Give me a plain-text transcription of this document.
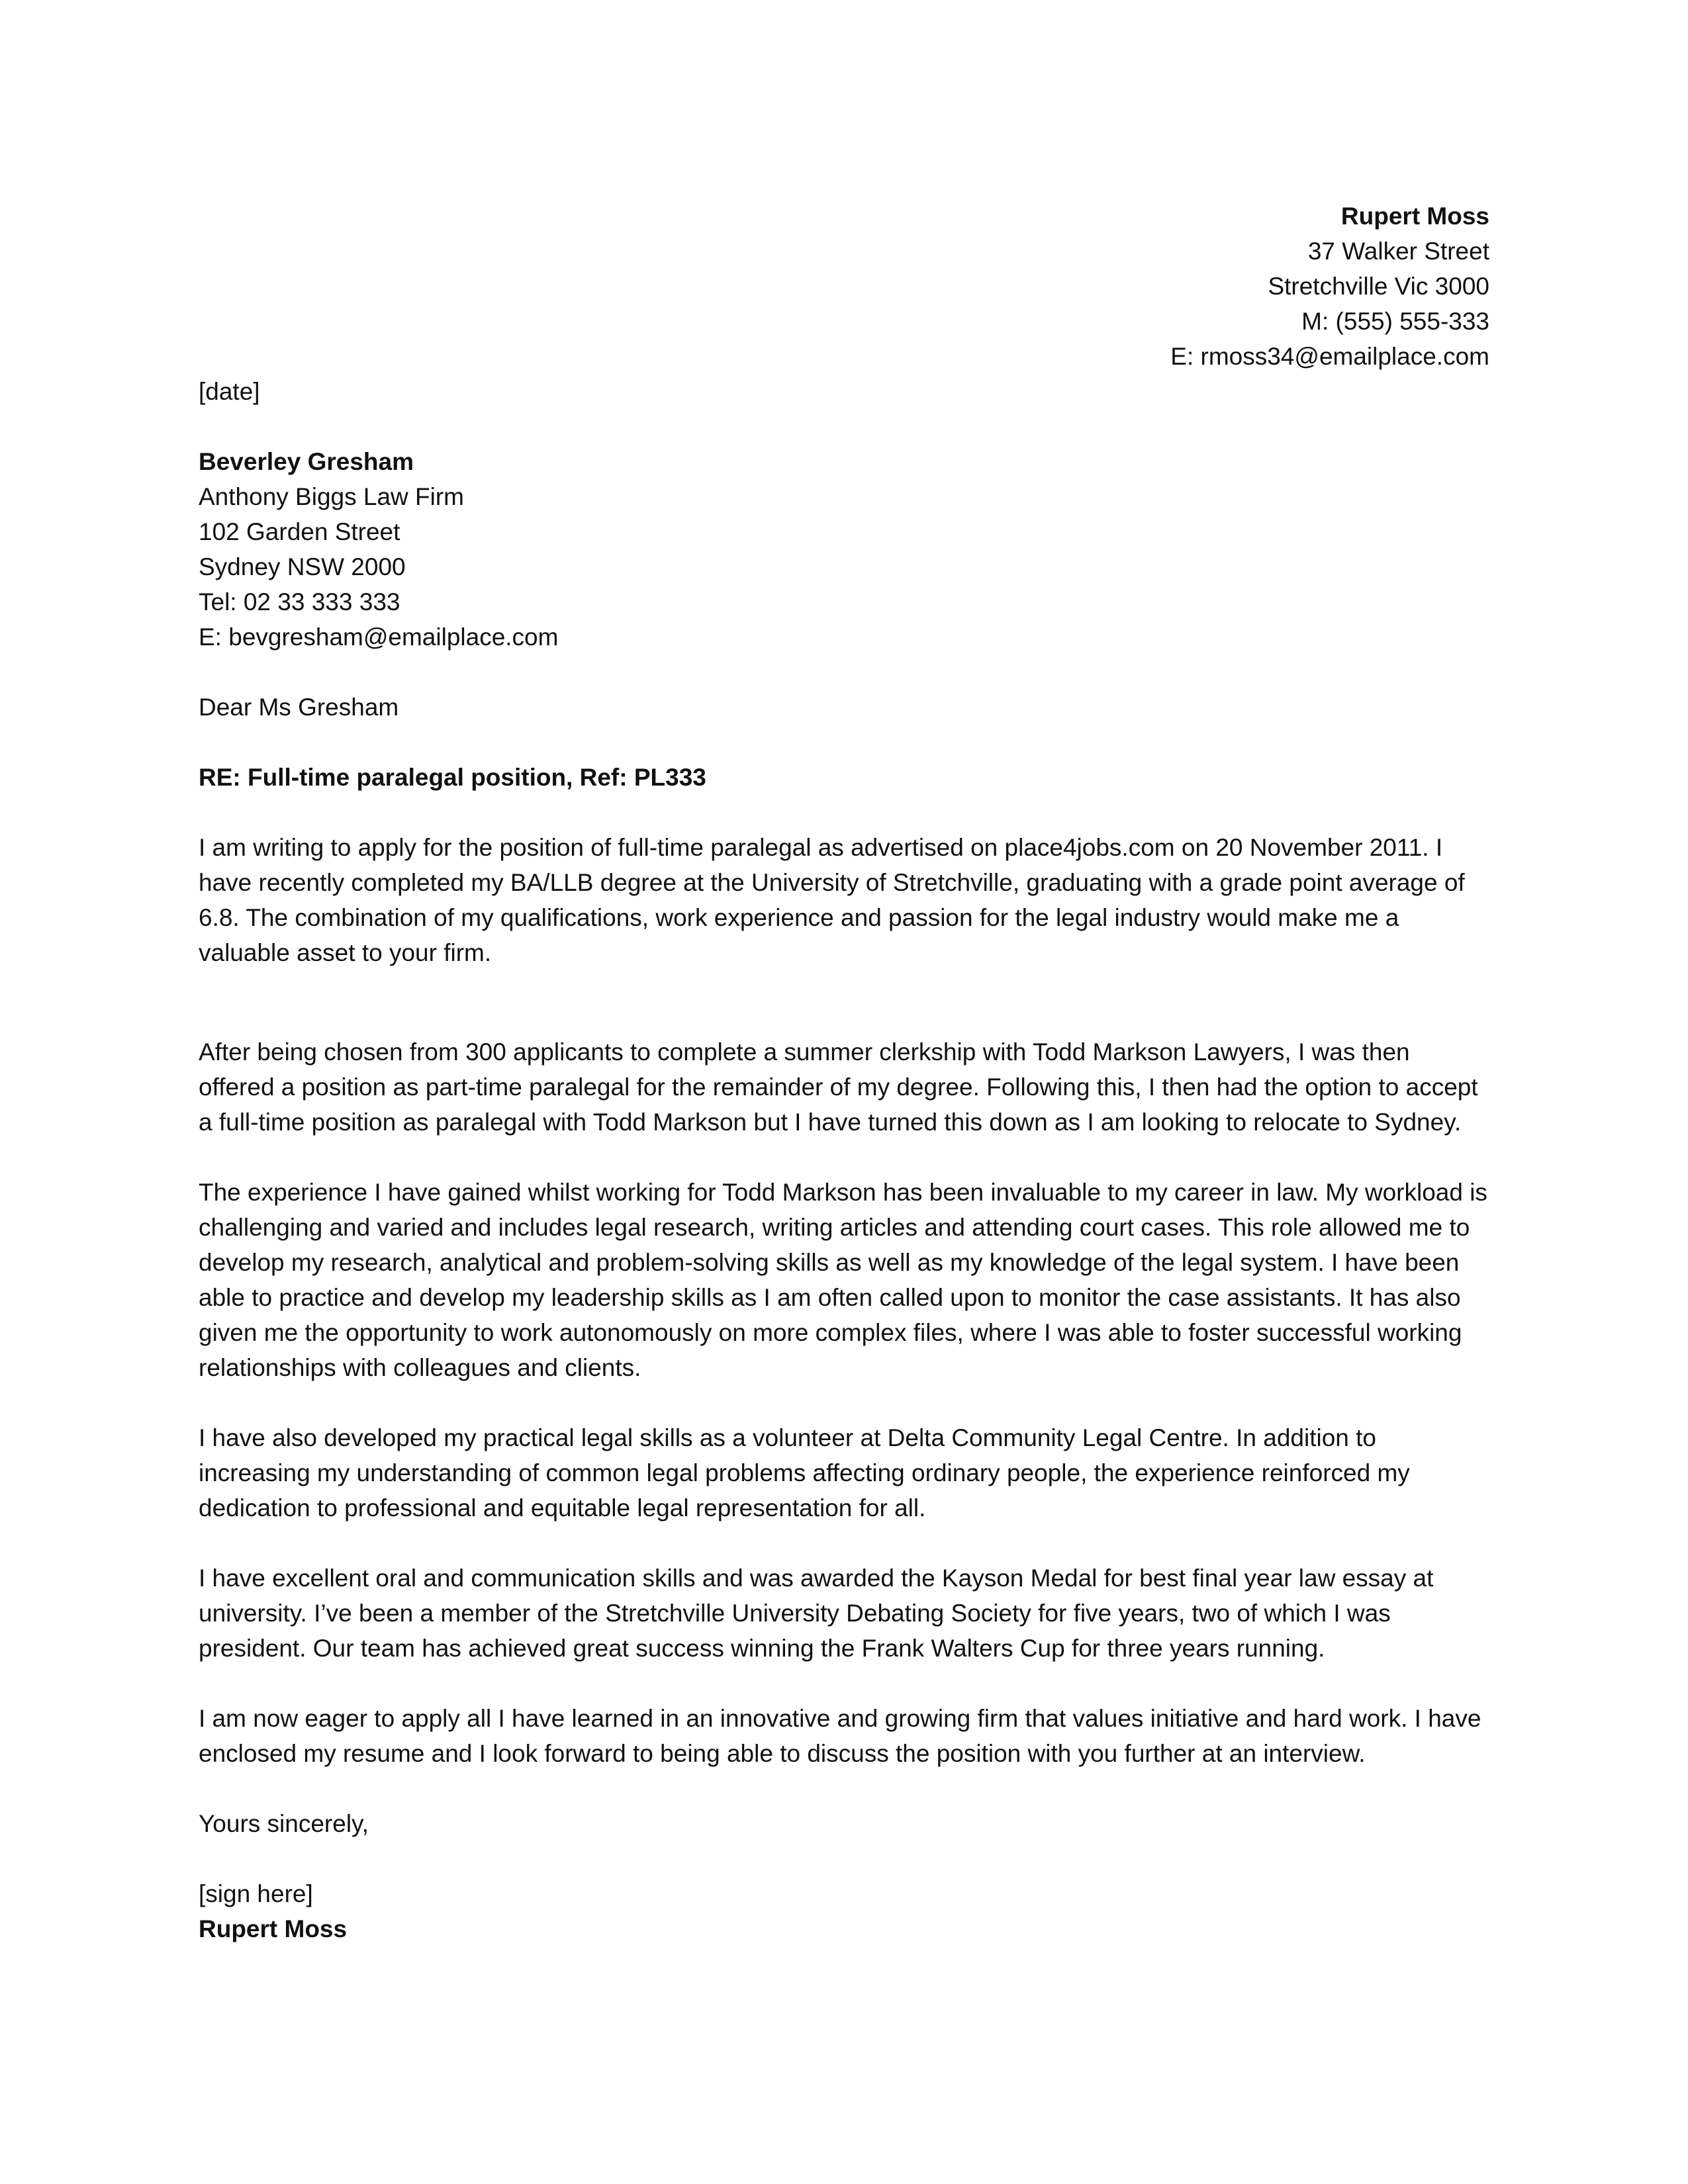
Rupert Moss
37 Walker Street
Stretchville Vic 3000
M: (555) 555-333
E: rmoss34@emailplace.com
[date]
Beverley Gresham
Anthony Biggs Law Firm
102 Garden Street
Sydney NSW 2000
Tel: 02 33 333 333
E: bevgresham@emailplace.com
Dear Ms Gresham
RE: Full-time paralegal position, Ref: PL333

I am writing to apply for the position of full-time paralegal as advertised on place4jobs.com on 20 November 2011. I have recently completed my BA/LLB degree at the University of Stretchville, graduating with a grade point average of 6.8. The combination of my qualifications, work experience and passion for the legal industry would make me a valuable asset to your firm.

After being chosen from 300 applicants to complete a summer clerkship with Todd Markson Lawyers, I was then offered a position as part-time paralegal for the remainder of my degree. Following this, I then had the option to accept a full-time position as paralegal with Todd Markson but I have turned this down as I am looking to relocate to Sydney.

The experience I have gained whilst working for Todd Markson has been invaluable to my career in law. My workload is challenging and varied and includes legal research, writing articles and attending court cases. This role allowed me to develop my research, analytical and problem-solving skills as well as my knowledge of the legal system. I have been able to practice and develop my leadership skills as I am often called upon to monitor the case assistants. It has also given me the opportunity to work autonomously on more complex files, where I was able to foster successful working relationships with colleagues and clients.

I have also developed my practical legal skills as a volunteer at Delta Community Legal Centre. In addition to increasing my understanding of common legal problems affecting ordinary people, the experience reinforced my dedication to professional and equitable legal representation for all.

I have excellent oral and communication skills and was awarded the Kayson Medal for best final year law essay at university. I’ve been a member of the Stretchville University Debating Society for five years, two of which I was president. Our team has achieved great success winning the Frank Walters Cup for three years running.

I am now eager to apply all I have learned in an innovative and growing firm that values initiative and hard work. I have enclosed my resume and I look forward to being able to discuss the position with you further at an interview.

Yours sincerely,
[sign here]
Rupert Moss
